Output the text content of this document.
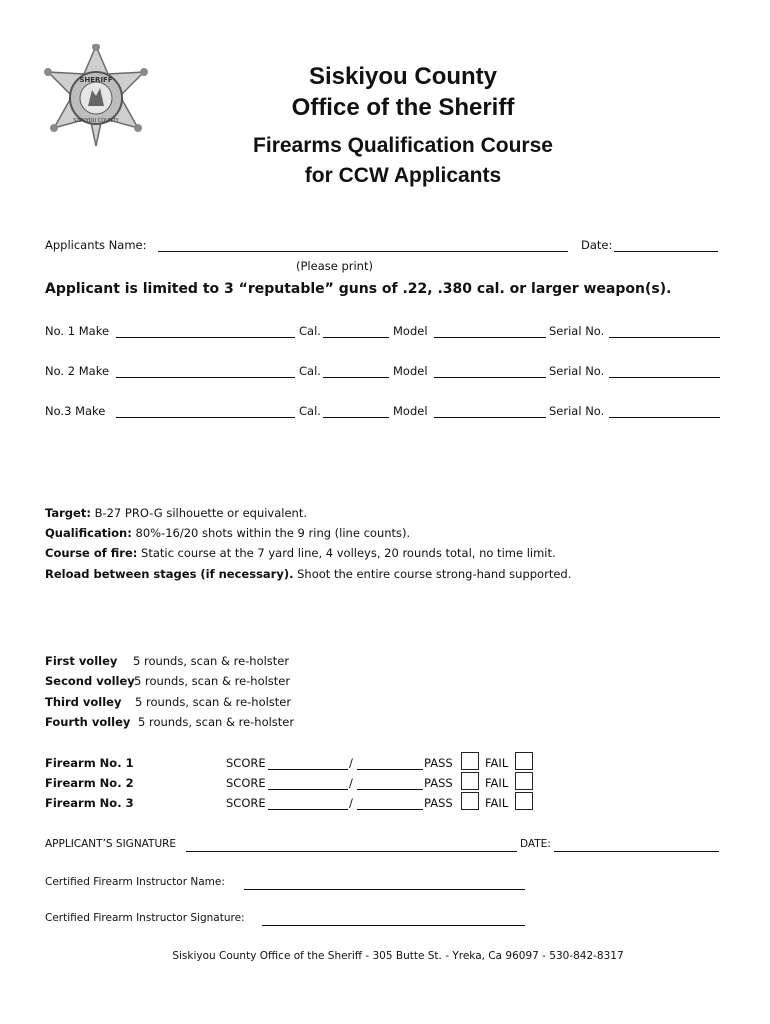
SHERIFF
SISKIYOU COUNTY
Siskiyou County
Office of the Sheriff
Firearms Qualification Course
for CCW Applicants
Applicants Name:	Date:
(Please print)
Applicant is limited to 3 “reputable” guns of .22, .380 cal. or larger weapon(s).
No. 1 Make	Cal.	Model	Serial No.
No. 2 Make	Cal.	Model	Serial No.
No.3 Make	Cal.	Model	Serial No.
Target: B-27 PRO-G silhouette or equivalent.
Qualification: 80%-16/20 shots within the 9 ring (line counts).
Course of fire: Static course at the 7 yard line, 4 volleys, 20 rounds total, no time limit.
Reload between stages (if necessary). Shoot the entire course strong-hand supported.
First volley 5 rounds, scan & re-holster
Second volley 5 rounds, scan & re-holster
Third volley 5 rounds, scan & re-holster
Fourth volley 5 rounds, scan & re-holster
Firearm No. 1	SCORE	/	PASS	FAIL
Firearm No. 2	SCORE	/	PASS	FAIL
Firearm No. 3	SCORE	/	PASS	FAIL
APPLICANT’S SIGNATURE	DATE:
Certified Firearm Instructor Name:
Certified Firearm Instructor Signature:
Siskiyou County Office of the Sheriff - 305 Butte St. - Yreka, Ca 96097 - 530-842-8317
